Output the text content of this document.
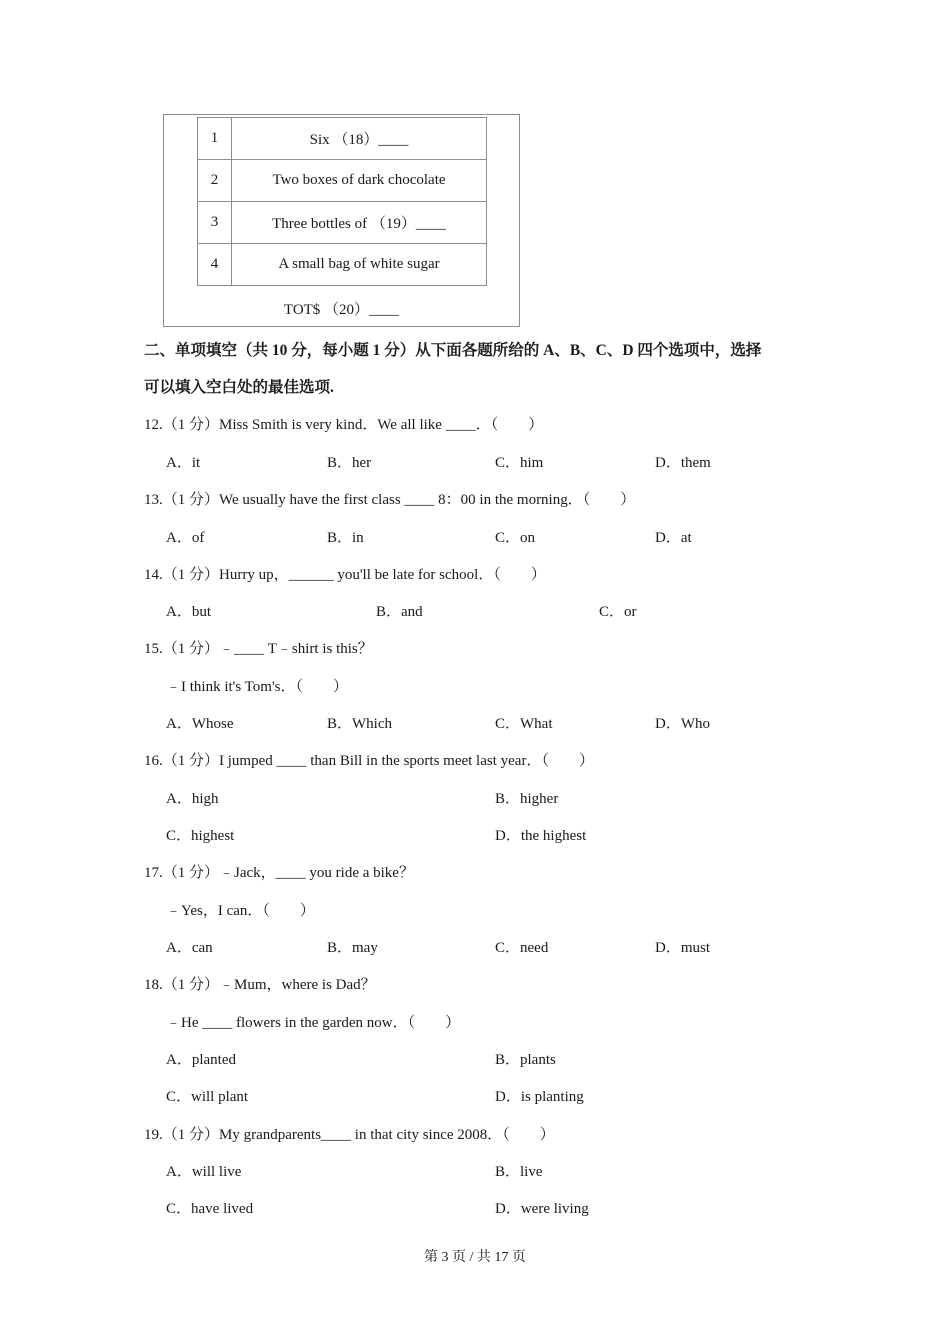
1	Six （18）____
2	Two boxes of dark chocolate
3	Three bottles of （19）____
4	A small bag of white sugar
TOT$ （20）____
二、单项填空（共 10 分，每小题 1 分）从下面各题所给的 A、B、C、D 四个选项中，选择
可以填入空白处的最佳选项.
12.（1 分）Miss Smith is very kind．We all like ____．（　　）
A．it	B．her	C．him	D．them
13.（1 分）We usually have the first class ____ 8：00 in the morning．（　　）
A．of	B．in	C．on	D．at
14.（1 分）Hurry up，______ you'll be late for school．（　　）
A．but	B．and	C．or
15.（1 分）﹣____ T﹣shirt is this？
﹣I think it's Tom's．（　　）
A．Whose	B．Which	C．What	D．Who
16.（1 分）I jumped ____ than Bill in the sports meet last year．（　　）
A．high	B．higher
C．highest	D．the highest
17.（1 分）﹣Jack，____ you ride a bike？
﹣Yes，I can．（　　）
A．can	B．may	C．need	D．must
18.（1 分）﹣Mum，where is Dad？
﹣He ____ flowers in the garden now．（　　）
A．planted	B．plants
C．will plant	D．is planting
19.（1 分）My grandparents____ in that city since 2008．（　　）
A．will live	B．live
C．have lived	D．were living
第 3 页 / 共 17 页
